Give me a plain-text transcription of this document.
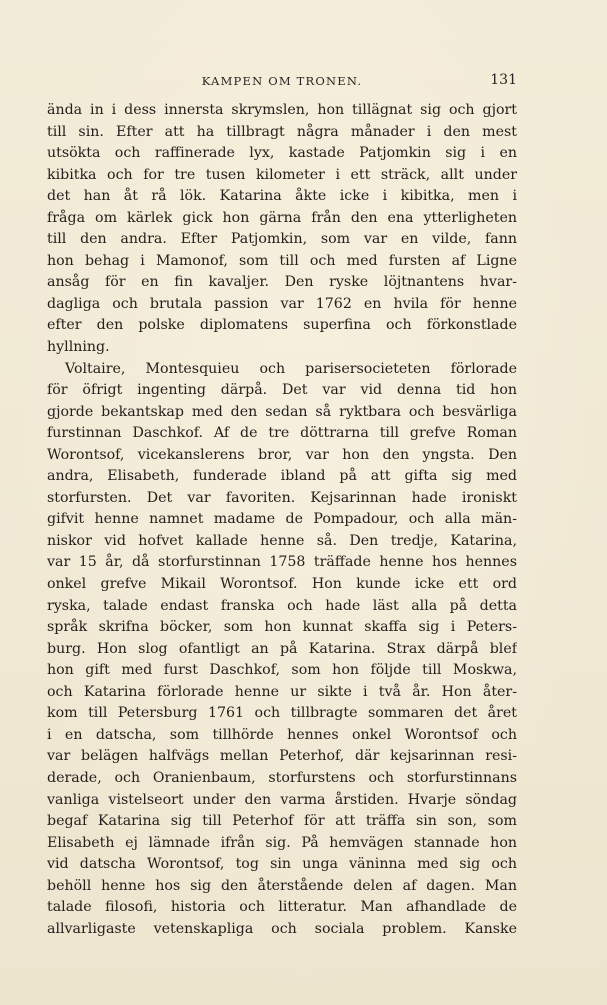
KAMPEN OM TRONEN.	131
ända in i dess innersta skrymslen, hon tillägnat sig och gjort
till sin. Efter att ha tillbragt några månader i den mest
utsökta och raffinerade lyx, kastade Patjomkin sig i en
kibitka och for tre tusen kilometer i ett sträck, allt under
det han åt rå lök. Katarina åkte icke i kibitka, men i
fråga om kärlek gick hon gärna från den ena ytterligheten
till den andra. Efter Patjomkin, som var en vilde, fann
hon behag i Mamonof, som till och med fursten af Ligne
ansåg för en fin kavaljer. Den ryske löjtnantens hvar-
dagliga och brutala passion var 1762 en hvila för henne
efter den polske diplomatens superfina och förkonstlade
hyllning.
Voltaire, Montesquieu och parisersocieteten förlorade
för öfrigt ingenting därpå. Det var vid denna tid hon
gjorde bekantskap med den sedan så ryktbara och besvärliga
furstinnan Daschkof. Af de tre döttrarna till grefve Roman
Worontsof, vicekanslerens bror, var hon den yngsta. Den
andra, Elisabeth, funderade ibland på att gifta sig med
storfursten. Det var favoriten. Kejsarinnan hade ironiskt
gifvit henne namnet madame de Pompadour, och alla män-
niskor vid hofvet kallade henne så. Den tredje, Katarina,
var 15 år, då storfurstinnan 1758 träffade henne hos hennes
onkel grefve Mikail Worontsof. Hon kunde icke ett ord
ryska, talade endast franska och hade läst alla på detta
språk skrifna böcker, som hon kunnat skaffa sig i Peters-
burg. Hon slog ofantligt an på Katarina. Strax därpå blef
hon gift med furst Daschkof, som hon följde till Moskwa,
och Katarina förlorade henne ur sikte i två år. Hon åter-
kom till Petersburg 1761 och tillbragte sommaren det året
i en datscha, som tillhörde hennes onkel Worontsof och
var belägen halfvägs mellan Peterhof, där kejsarinnan resi-
derade, och Oranienbaum, storfurstens och storfurstinnans
vanliga vistelseort under den varma årstiden. Hvarje söndag
begaf Katarina sig till Peterhof för att träffa sin son, som
Elisabeth ej lämnade ifrån sig. På hemvägen stannade hon
vid datscha Worontsof, tog sin unga väninna med sig och
behöll henne hos sig den återstående delen af dagen. Man
talade filosofi, historia och litteratur. Man afhandlade de
allvarligaste vetenskapliga och sociala problem. Kanske
